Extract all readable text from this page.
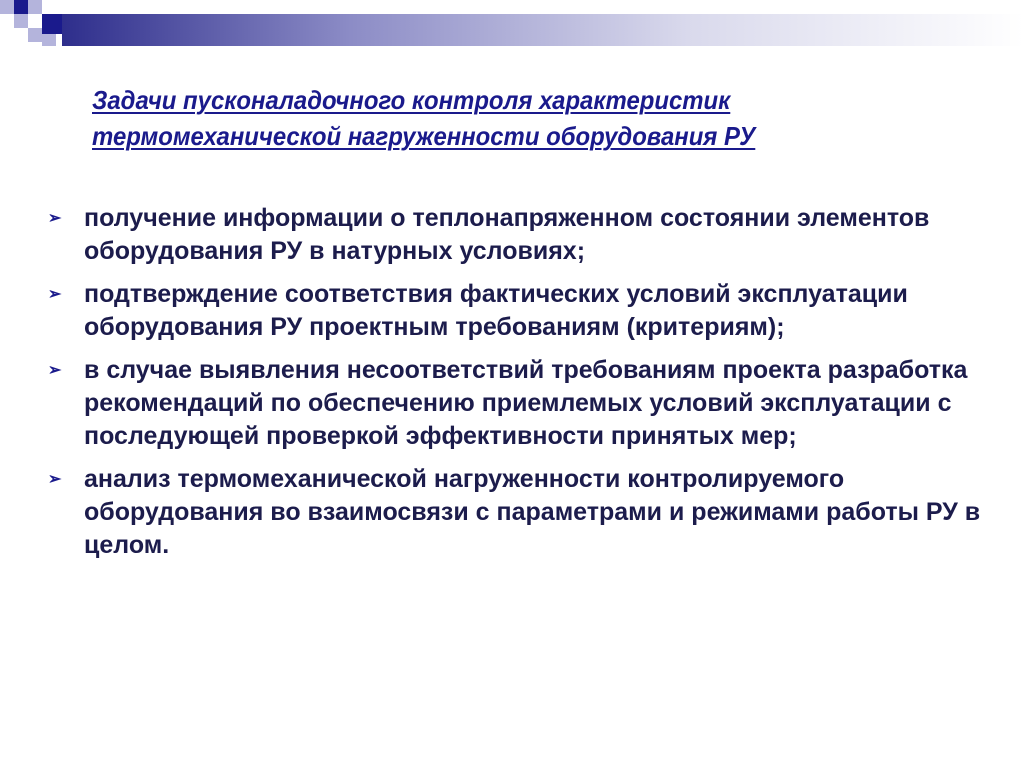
Задачи пусконаладочного контроля характеристик термомеханической нагруженности оборудования РУ
➢ получение информации о теплонапряженном состоянии элементов оборудования РУ в натурных условиях;
➢ подтверждение соответствия фактических условий эксплуатации оборудования РУ проектным требованиям (критериям);
➢ в случае выявления несоответствий требованиям проекта разработка рекомендаций по обеспечению приемлемых условий эксплуатации с последующей проверкой эффективности принятых мер;
➢ анализ термомеханической нагруженности контролируемого оборудования во взаимосвязи с параметрами и режимами работы РУ в целом.
